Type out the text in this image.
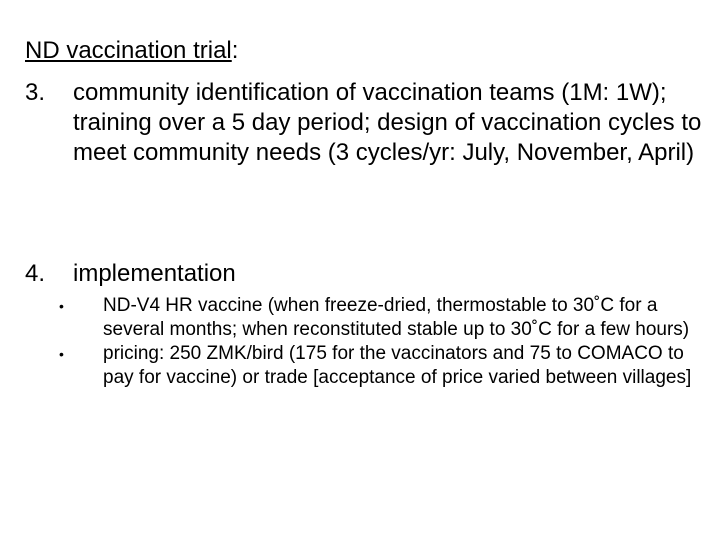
ND vaccination trial:
3. community identification of vaccination teams (1M: 1W); training over a 5 day period; design of vaccination cycles to meet community needs (3 cycles/yr: July, November, April)
4. implementation
• ND-V4 HR vaccine (when freeze-dried, thermostable to 30˚C for a several months; when reconstituted stable up to 30˚C for a few hours)
• pricing: 250 ZMK/bird (175 for the vaccinators and 75 to COMACO to pay for vaccine) or trade [acceptance of price varied between villages]
